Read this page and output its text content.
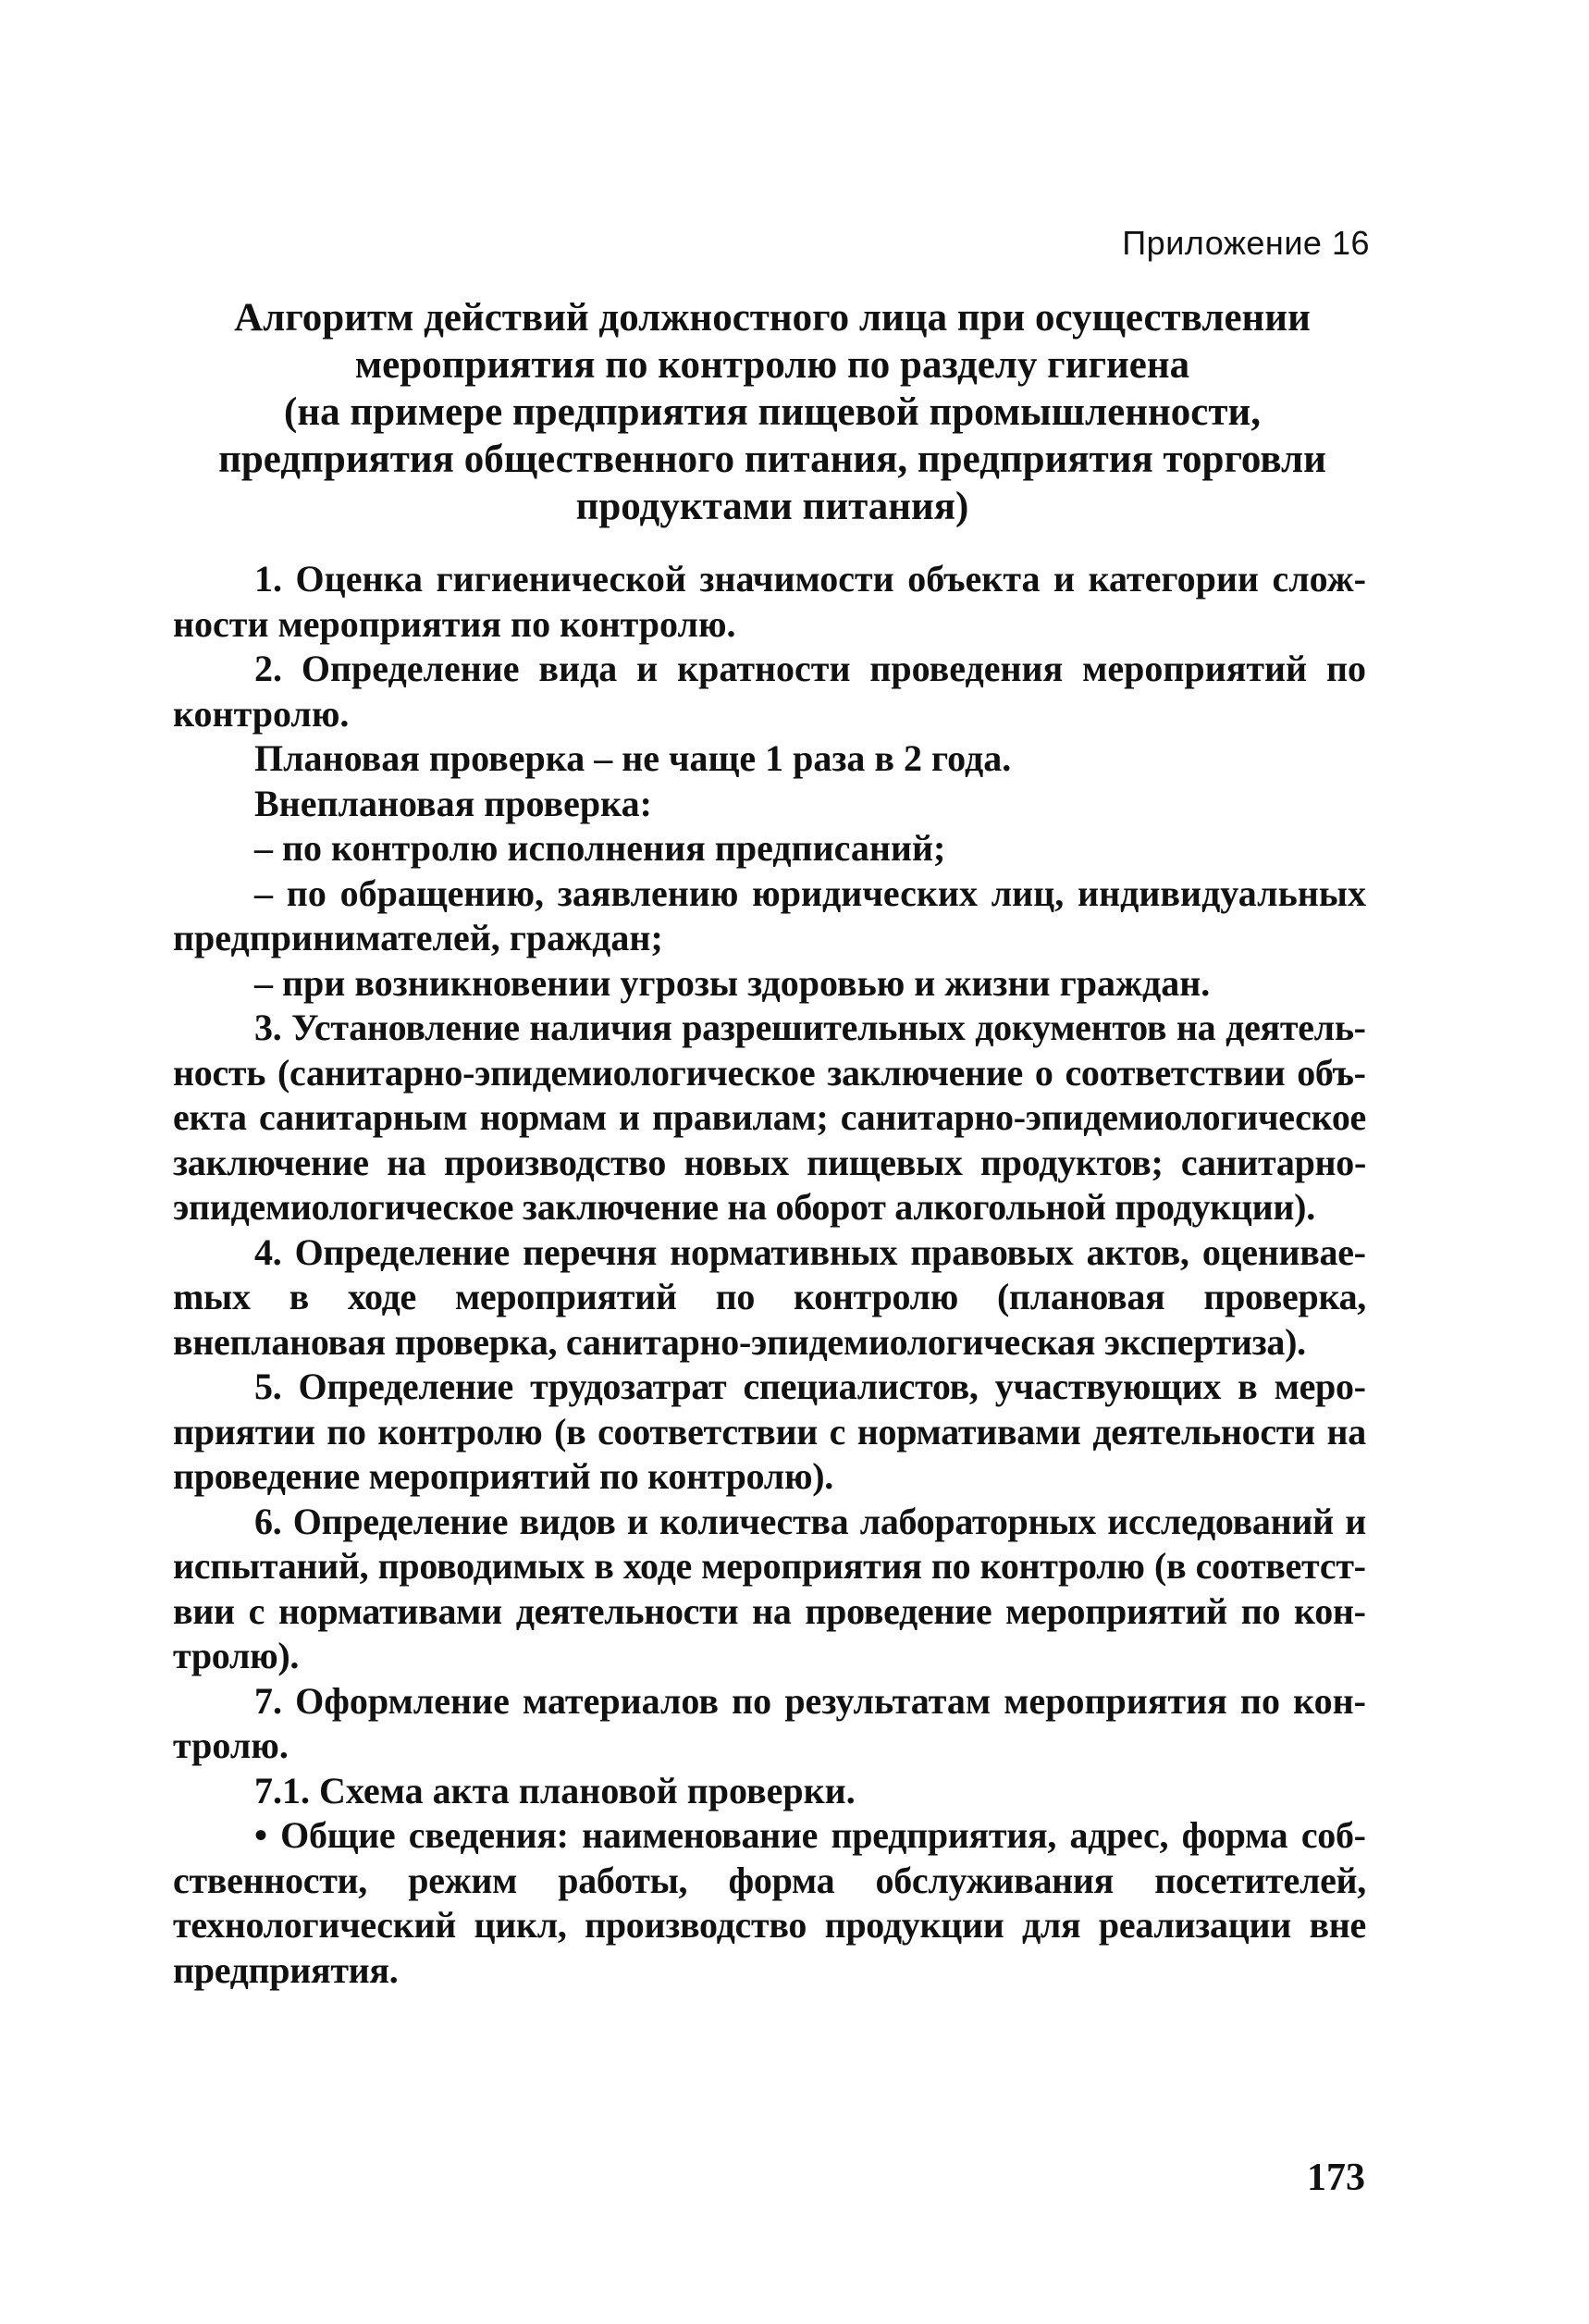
Приложение 16
Алгоритм действий должностного лица при осуществлении
мероприятия по контролю по разделу гигиена
(на примере предприятия пищевой промышленности,
предприятия общественного питания, предприятия торговли
продуктами питания)

1. Оценка гигиенической значимости объекта и категории сложности мероприятия по контролю.

2. Определение вида и кратности проведения мероприятий по контролю.

Плановая проверка – не чаще 1 раза в 2 года.

Внеплановая проверка:

– по контролю исполнения предписаний;

– по обращению, заявлению юридических лиц, индивидуальных предпринимателей, граждан;

– при возникновении угрозы здоровью и жизни граждан.

3. Установление наличия разрешительных документов на деятельность (санитарно-эпидемиологическое заключение о соответствии объекта санитарным нормам и правилам; санитарно-эпидемиологическое заключение на производство новых пищевых продуктов; санитарно-эпидемиологическое заключение на оборот алкогольной продукции).

4. Определение перечня нормативных правовых актов, оцениваеmых в ходе мероприятий по контролю (плановая проверка, внеплановая проверка, санитарно-эпидемиологическая экспертиза).

5. Определение трудозатрат специалистов, участвующих в мероприятии по контролю (в соответствии с нормативами деятельности на проведение мероприятий по контролю).

6. Определение видов и количества лабораторных исследований и испытаний, проводимых в ходе мероприятия по контролю (в соответствии с нормативами деятельности на проведение мероприятий по контролю).

7. Оформление материалов по результатам мероприятия по контролю.

7.1. Схема акта плановой проверки.

• Общие сведения: наименование предприятия, адрес, форма собственности, режим работы, форма обслуживания посетителей, технологический цикл, производство продукции для реализации вне предприятия.

173
